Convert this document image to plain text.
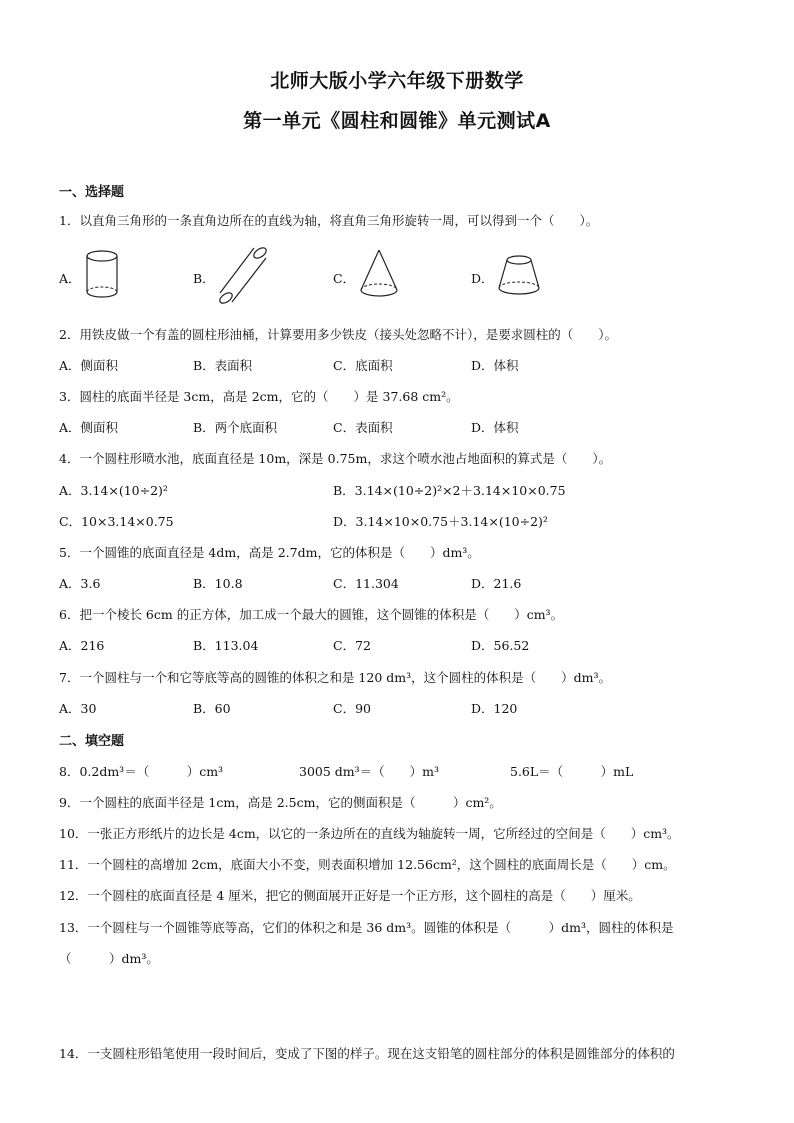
北师大版小学六年级下册数学
第一单元《圆柱和圆锥》单元测试A
一、选择题
1．以直角三角形的一条直角边所在的直线为轴，将直角三角形旋转一周，可以得到一个（　　）。
A．	B．	C．	D．
2．用铁皮做一个有盖的圆柱形油桶，计算要用多少铁皮（接头处忽略不计），是要求圆柱的（　　）。
A．侧面积	B．表面积	C．底面积	D．体积
3．圆柱的底面半径是 3cm，高是 2cm，它的（　　）是 37.68 cm²。
A．侧面积	B．两个底面积	C．表面积	D．体积
4．一个圆柱形喷水池，底面直径是 10m，深是 0.75m，求这个喷水池占地面积的算式是（　　）。
A．3.14×(10÷2)²	B．3.14×(10÷2)²×2＋3.14×10×0.75
C．10×3.14×0.75	D．3.14×10×0.75＋3.14×(10÷2)²
5．一个圆锥的底面直径是 4dm，高是 2.7dm，它的体积是（　　）dm³。
A．3.6	B．10.8	C．11.304	D．21.6
6．把一个棱长 6cm 的正方体，加工成一个最大的圆锥，这个圆锥的体积是（　　）cm³。
A．216	B．113.04	C．72	D．56.52
7．一个圆柱与一个和它等底等高的圆锥的体积之和是 120 dm³，这个圆柱的体积是（　　）dm³。
A．30	B．60	C．90	D．120
二、填空题
8．0.2dm³＝（　　　）cm³	3005 dm³＝（　　）m³	5.6L＝（　　　）mL
9．一个圆柱的底面半径是 1cm，高是 2.5cm，它的侧面积是（　　　）cm²。
10．一张正方形纸片的边长是 4cm，以它的一条边所在的直线为轴旋转一周，它所经过的空间是（　　）cm³。
11．一个圆柱的高增加 2cm，底面大小不变，则表面积增加 12.56cm²，这个圆柱的底面周长是（　　）cm。
12．一个圆柱的底面直径是 4 厘米，把它的侧面展开正好是一个正方形，这个圆柱的高是（　　）厘米。
13．一个圆柱与一个圆锥等底等高，它们的体积之和是 36 dm³。圆锥的体积是（　　　）dm³，圆柱的体积是
（　　　）dm³。
14．一支圆柱形铅笔使用一段时间后，变成了下图的样子。现在这支铅笔的圆柱部分的体积是圆锥部分的体积的
